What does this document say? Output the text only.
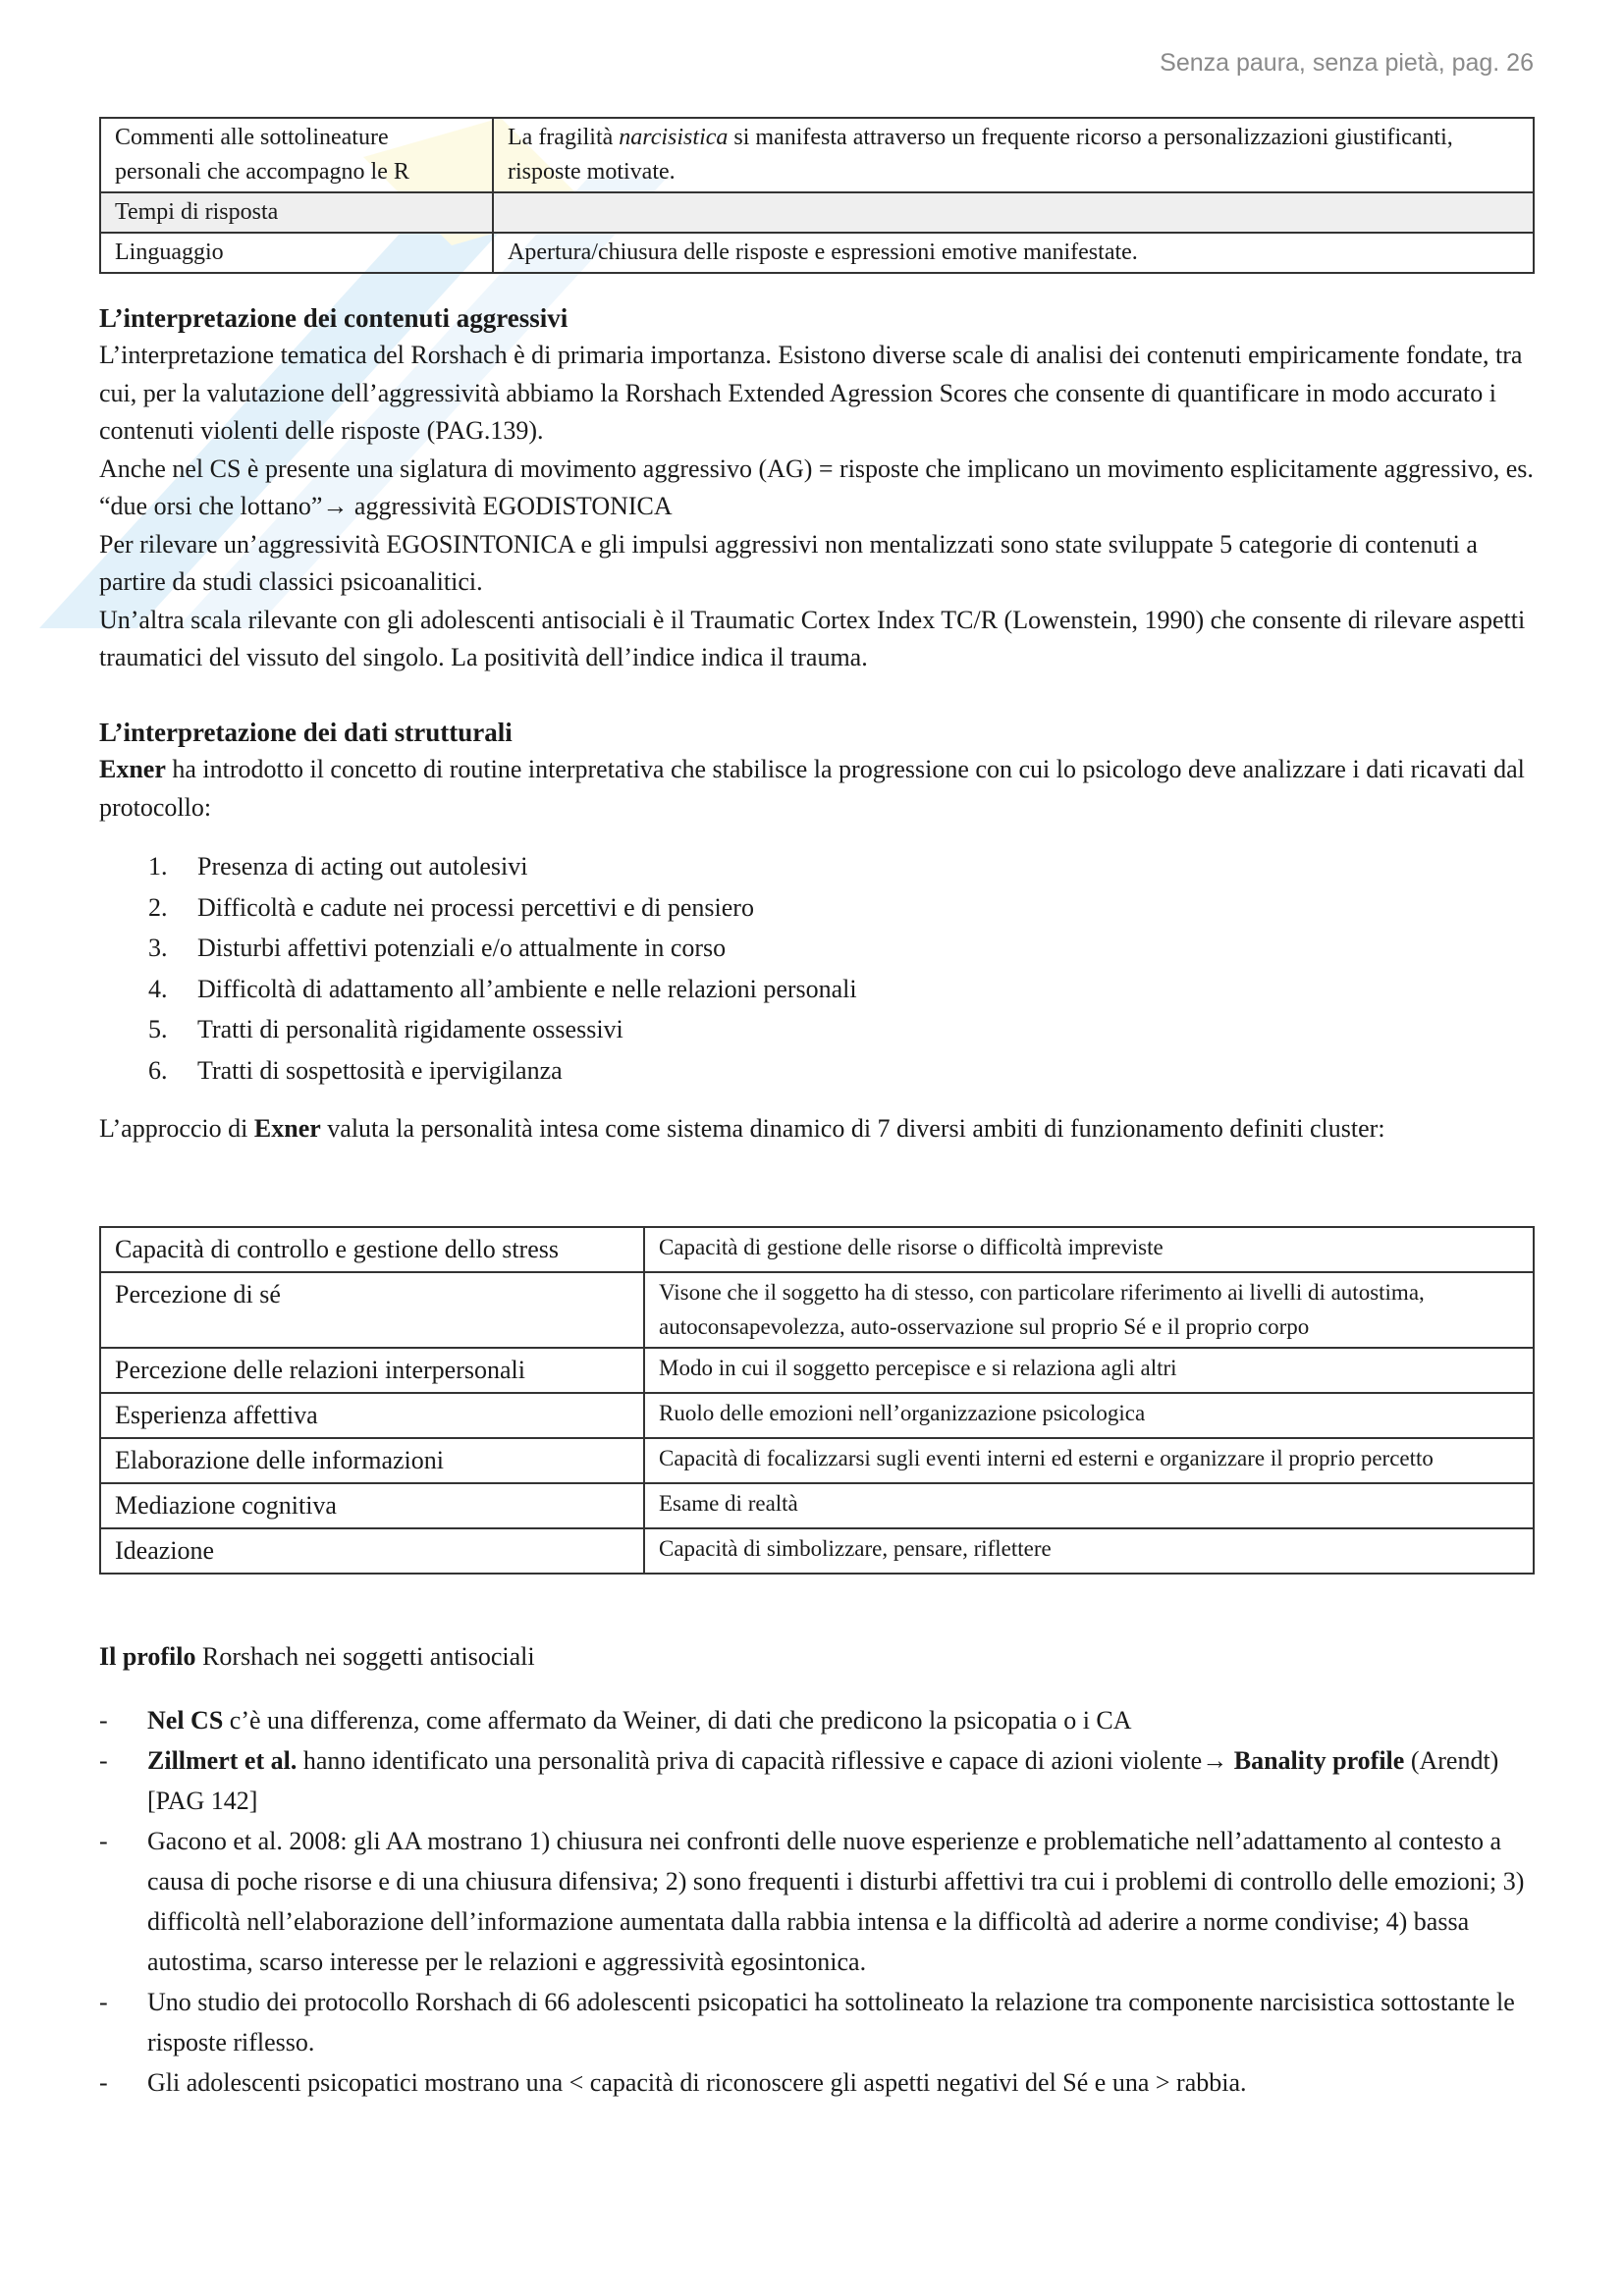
Senza paura, senza pietà, pag. 26
Commenti alle sottolineature personali che accompagno le R	La fragilità narcisistica si manifesta attraverso un frequente ricorso a personalizzazioni giustificanti, risposte motivate.
Tempi di risposta	
Linguaggio	Apertura/chiusura delle risposte e espressioni emotive manifestate.
L’interpretazione dei contenuti aggressivi

L’interpretazione tematica del Rorshach è di primaria importanza. Esistono diverse scale di analisi dei contenuti empiricamente fondate, tra cui, per la valutazione dell’aggressività abbiamo la Rorshach Extended Agression Scores che consente di quantificare in modo accurato i contenuti violenti delle risposte (PAG.139).

Anche nel CS è presente una siglatura di movimento aggressivo (AG) = risposte che implicano un movimento esplicitamente aggressivo, es. “due orsi che lottano”→ aggressività EGODISTONICA

Per rilevare un’aggressività EGOSINTONICA e gli impulsi aggressivi non mentalizzati sono state sviluppate 5 categorie di contenuti a partire da studi classici psicoanalitici.

Un’altra scala rilevante con gli adolescenti antisociali è il Traumatic Cortex Index TC/R (Lowenstein, 1990) che consente di rilevare aspetti traumatici del vissuto del singolo. La positività dell’indice indica il trauma.

L’interpretazione dei dati strutturali

Exner ha introdotto il concetto di routine interpretativa che stabilisce la progressione con cui lo psicologo deve analizzare i dati ricavati dal protocollo:

1.	Presenza di acting out autolesivi
2.	Difficoltà e cadute nei processi percettivi e di pensiero
3.	Disturbi affettivi potenziali e/o attualmente in corso
4.	Difficoltà di adattamento all’ambiente e nelle relazioni personali
5.	Tratti di personalità rigidamente ossessivi
6.	Tratti di sospettosità e ipervigilanza

L’approccio di Exner valuta la personalità intesa come sistema dinamico di 7 diversi ambiti di funzionamento definiti cluster:

Capacità di controllo e gestione dello stress	Capacità di gestione delle risorse o difficoltà impreviste
Percezione di sé	Visone che il soggetto ha di stesso, con particolare riferimento ai livelli di autostima, autoconsapevolezza, auto-osservazione sul proprio Sé e il proprio corpo
Percezione delle relazioni interpersonali	Modo in cui il soggetto percepisce e si relaziona agli altri
Esperienza affettiva	Ruolo delle emozioni nell’organizzazione psicologica
Elaborazione delle informazioni	Capacità di focalizzarsi sugli eventi interni ed esterni e organizzare il proprio percetto
Mediazione cognitiva	Esame di realtà
Ideazione	Capacità di simbolizzare, pensare, riflettere

Il profilo Rorshach nei soggetti antisociali

-	Nel CS c’è una differenza, come affermato da Weiner, di dati che predicono la psicopatia o i CA
-	Zillmert et al. hanno identificato una personalità priva di capacità riflessive e capace di azioni violente→ Banality profile (Arendt) [PAG 142]
-	Gacono et al. 2008: gli AA mostrano 1) chiusura nei confronti delle nuove esperienze e problematiche nell’adattamento al contesto a causa di poche risorse e di una chiusura difensiva; 2) sono frequenti i disturbi affettivi tra cui i problemi di controllo delle emozioni; 3) difficoltà nell’elaborazione dell’informazione aumentata dalla rabbia intensa e la difficoltà ad aderire a norme condivise; 4) bassa autostima, scarso interesse per le relazioni e aggressività egosintonica.
-	Uno studio dei protocollo Rorshach di 66 adolescenti psicopatici ha sottolineato la relazione tra componente narcisistica sottostante le risposte riflesso.
-	Gli adolescenti psicopatici mostrano una < capacità di riconoscere gli aspetti negativi del Sé e una > rabbia.
